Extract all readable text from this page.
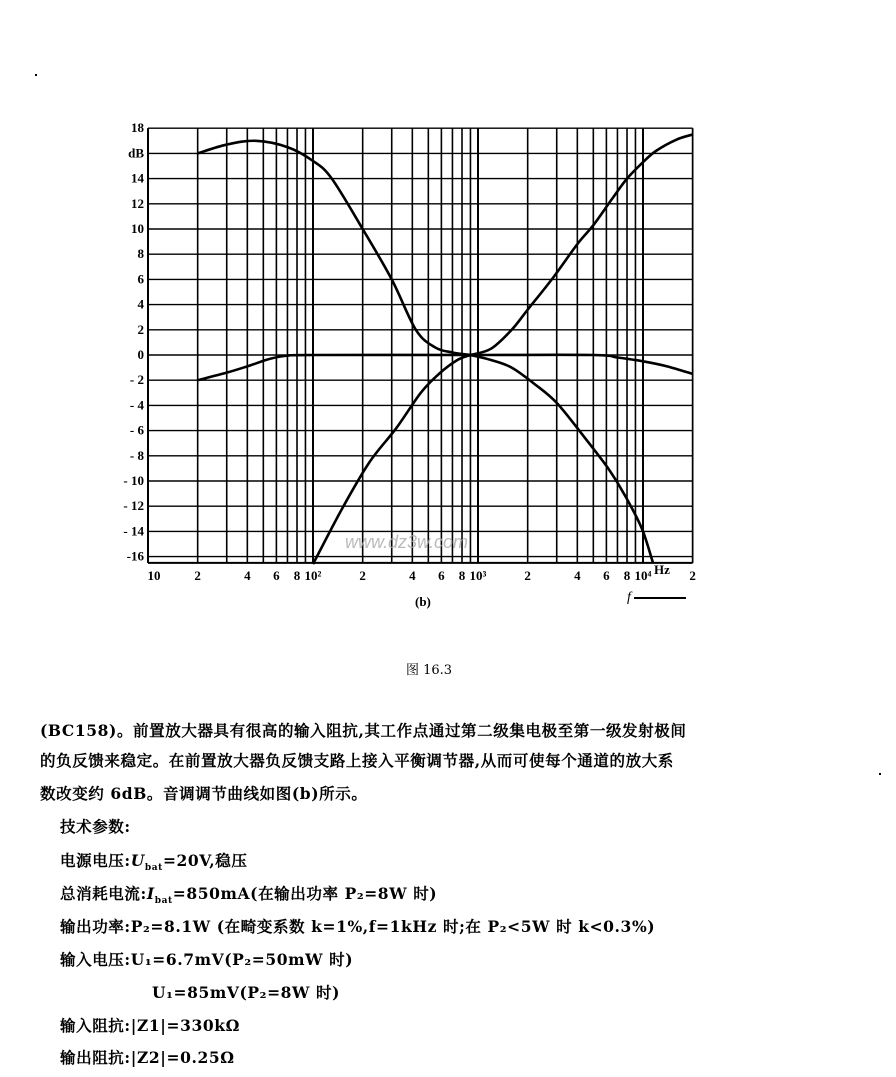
18
dB
14
12
10
8
6
4
2
0
- 2
- 4
- 6
- 8
- 10
- 12
- 14
-16
10	2	4 6 8 10²	2	4 6 8 10³	2	4 6 8 10⁴	2
Hz
www.dz3w.com
(b)	f
图 16.3
(BC158)。前置放大器具有很高的输入阻抗,其工作点通过第二级集电极至第一级发射极间
的负反馈来稳定。在前置放大器负反馈支路上接入平衡调节器,从而可使每个通道的放大系
数改变约 6dB。音调调节曲线如图(b)所示。
技术参数:
电源电压$:U_{bat}=20V$,稳压
总消耗电流$:I_{bat}=850mA$(在输出功率 P₂=8W 时)
输出功率:P₂=8.1W (在畸变系数 k=1%,f=1kHz 时;在 P₂<5W 时 k<0.3%)
输入电压:U₁=6.7mV(P₂=50mW 时)
U₁=85mV(P₂=8W 时)
输入阻抗:|Z1|=330kΩ
输出阻抗:|Z2|=0.25Ω
